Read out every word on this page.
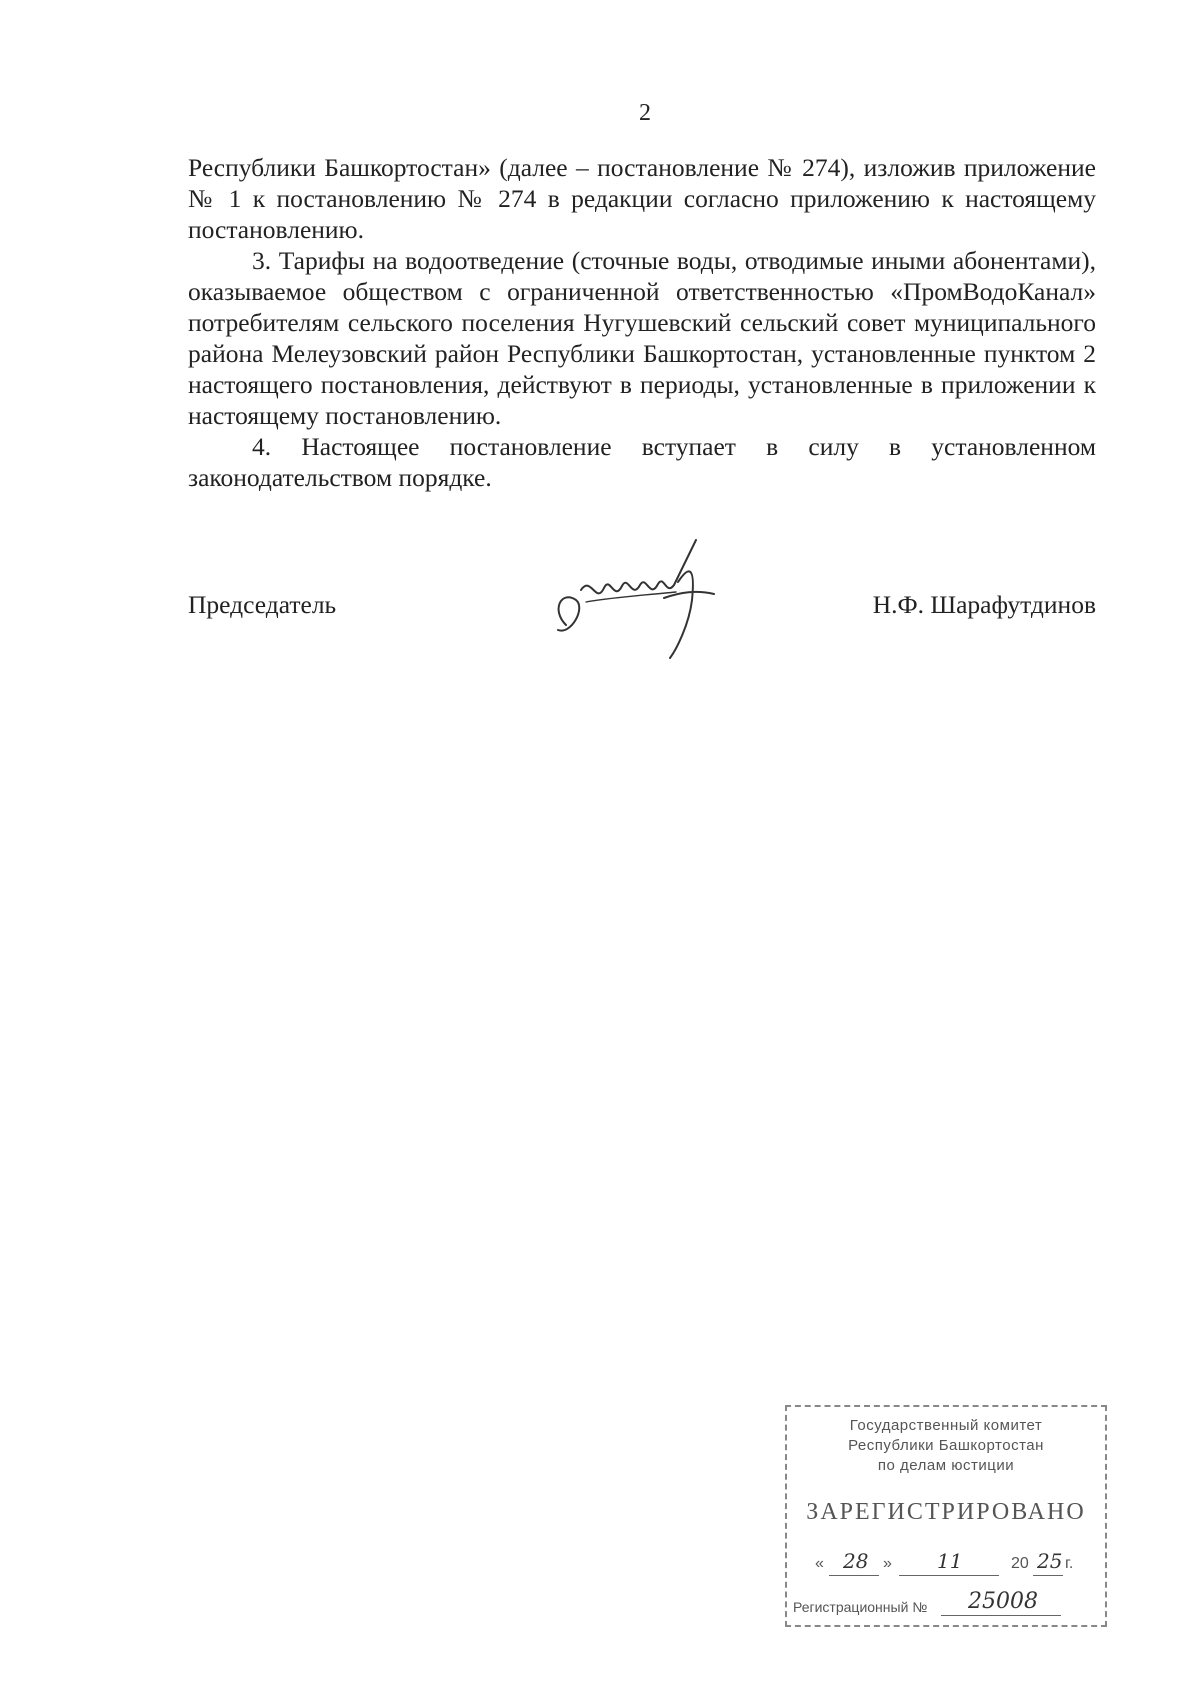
2

Республики Башкортостан» (далее – постановление № 274), изложив приложение № 1 к постановлению № 274 в редакции согласно приложению к настоящему постановлению.

3. Тарифы на водоотведение (сточные воды, отводимые иными абонентами), оказываемое обществом с ограниченной ответственностью «ПромВодоКанал» потребителям сельского поселения Нугушевский сельский совет муниципального района Мелеузовский район Республики Башкортостан, установленные пунктом 2 настоящего постановления, действуют в периоды, установленные в приложении к настоящему постановлению.

4. Настоящее постановление вступает в силу в установленном законодательством порядке.

Председатель	Н.Ф. Шарафутдинов
Государственный комитет
Республики Башкортостан
по делам юстиции
ЗАРЕГИСТРИРОВАНО
« 28 » 11	20 25 г.
Регистрационный № 25008
